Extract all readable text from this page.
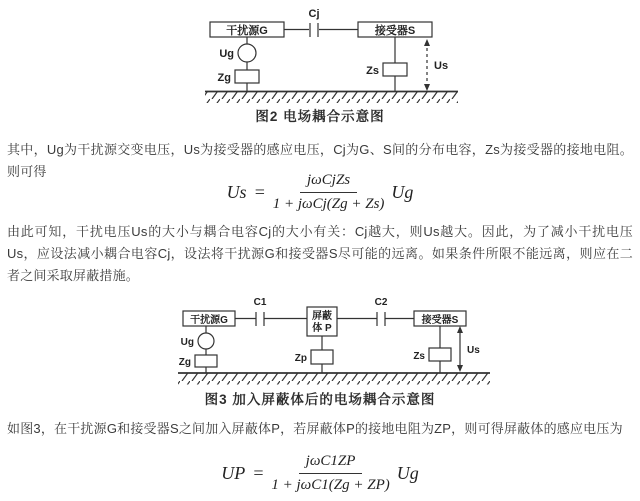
干扰源G
Cj
接受器S
Ug
Zg
Zs	Us
图2 电场耦合示意图
其中，Ug为干扰源交变电压，Us为接受器的感应电压，Cj为G、S间的分布电容，Zs为接受器的接地电阻。则可得
$Us = \frac{\text{jωCjZs}}{\text{1 + jωCj(Zg + Zs)}}$ Ug
由此可知，干扰电压Us的大小与耦合电容Cj的大小有关：Cj越大，则Us越大。因此，为了减小干扰电压Us，应设法减小耦合电容Cj，设法将干扰源G和接受器S尽可能的远离。如果条件所限不能远离，则应在二者之间采取屏蔽措施。
干扰源G
C1
屏蔽
体 P
C2
接受器S
Ug
Zg	Zp	Zs
Us
图3 加入屏蔽体后的电场耦合示意图
如图3，在干扰源G和接受器S之间加入屏蔽体P，若屏蔽体P的接地电阻为ZP，则可得屏蔽体的感应电压为
UP = $\frac{\text{jωC1ZP}}{\text{1 + jωC1(Zg + ZP)}}$ Ug
